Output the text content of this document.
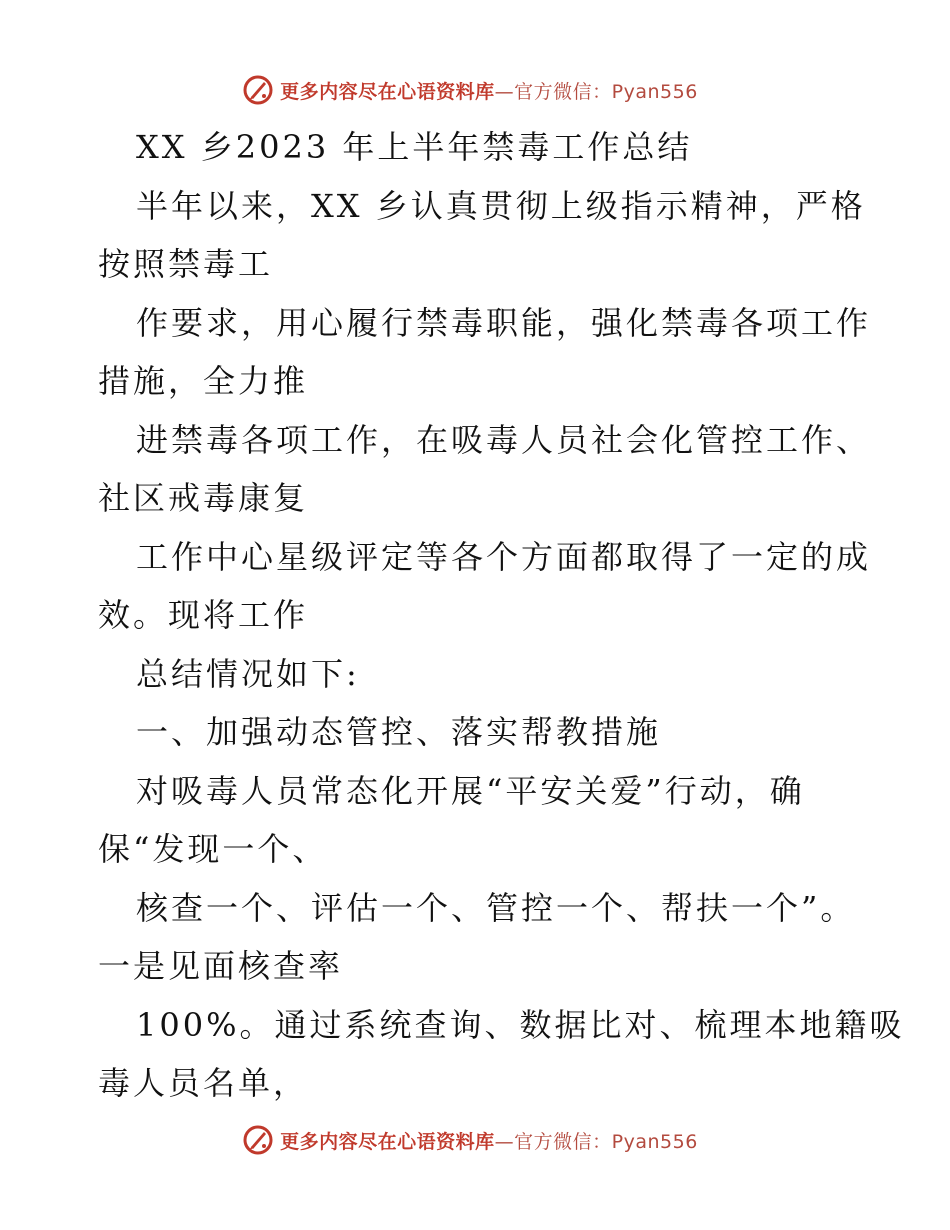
更多内容尽在心语资料库—官方微信：Pyan556
XX 乡2023 年上半年禁毒工作总结
半年以来，XX 乡认真贯彻上级指示精神，严格
按照禁毒工
作要求，用心履行禁毒职能，强化禁毒各项工作
措施，全力推
进禁毒各项工作，在吸毒人员社会化管控工作、
社区戒毒康复
工作中心星级评定等各个方面都取得了一定的成
效。现将工作
总结情况如下:
一、加强动态管控、落实帮教措施
对吸毒人员常态化开展“平安关爱”行动，确
保“发现一个、
核查一个、评估一个、管控一个、帮扶一个”。
一是见面核查率
100%。通过系统查询、数据比对、梳理本地籍吸
毒人员名单，
更多内容尽在心语资料库—官方微信：Pyan556
